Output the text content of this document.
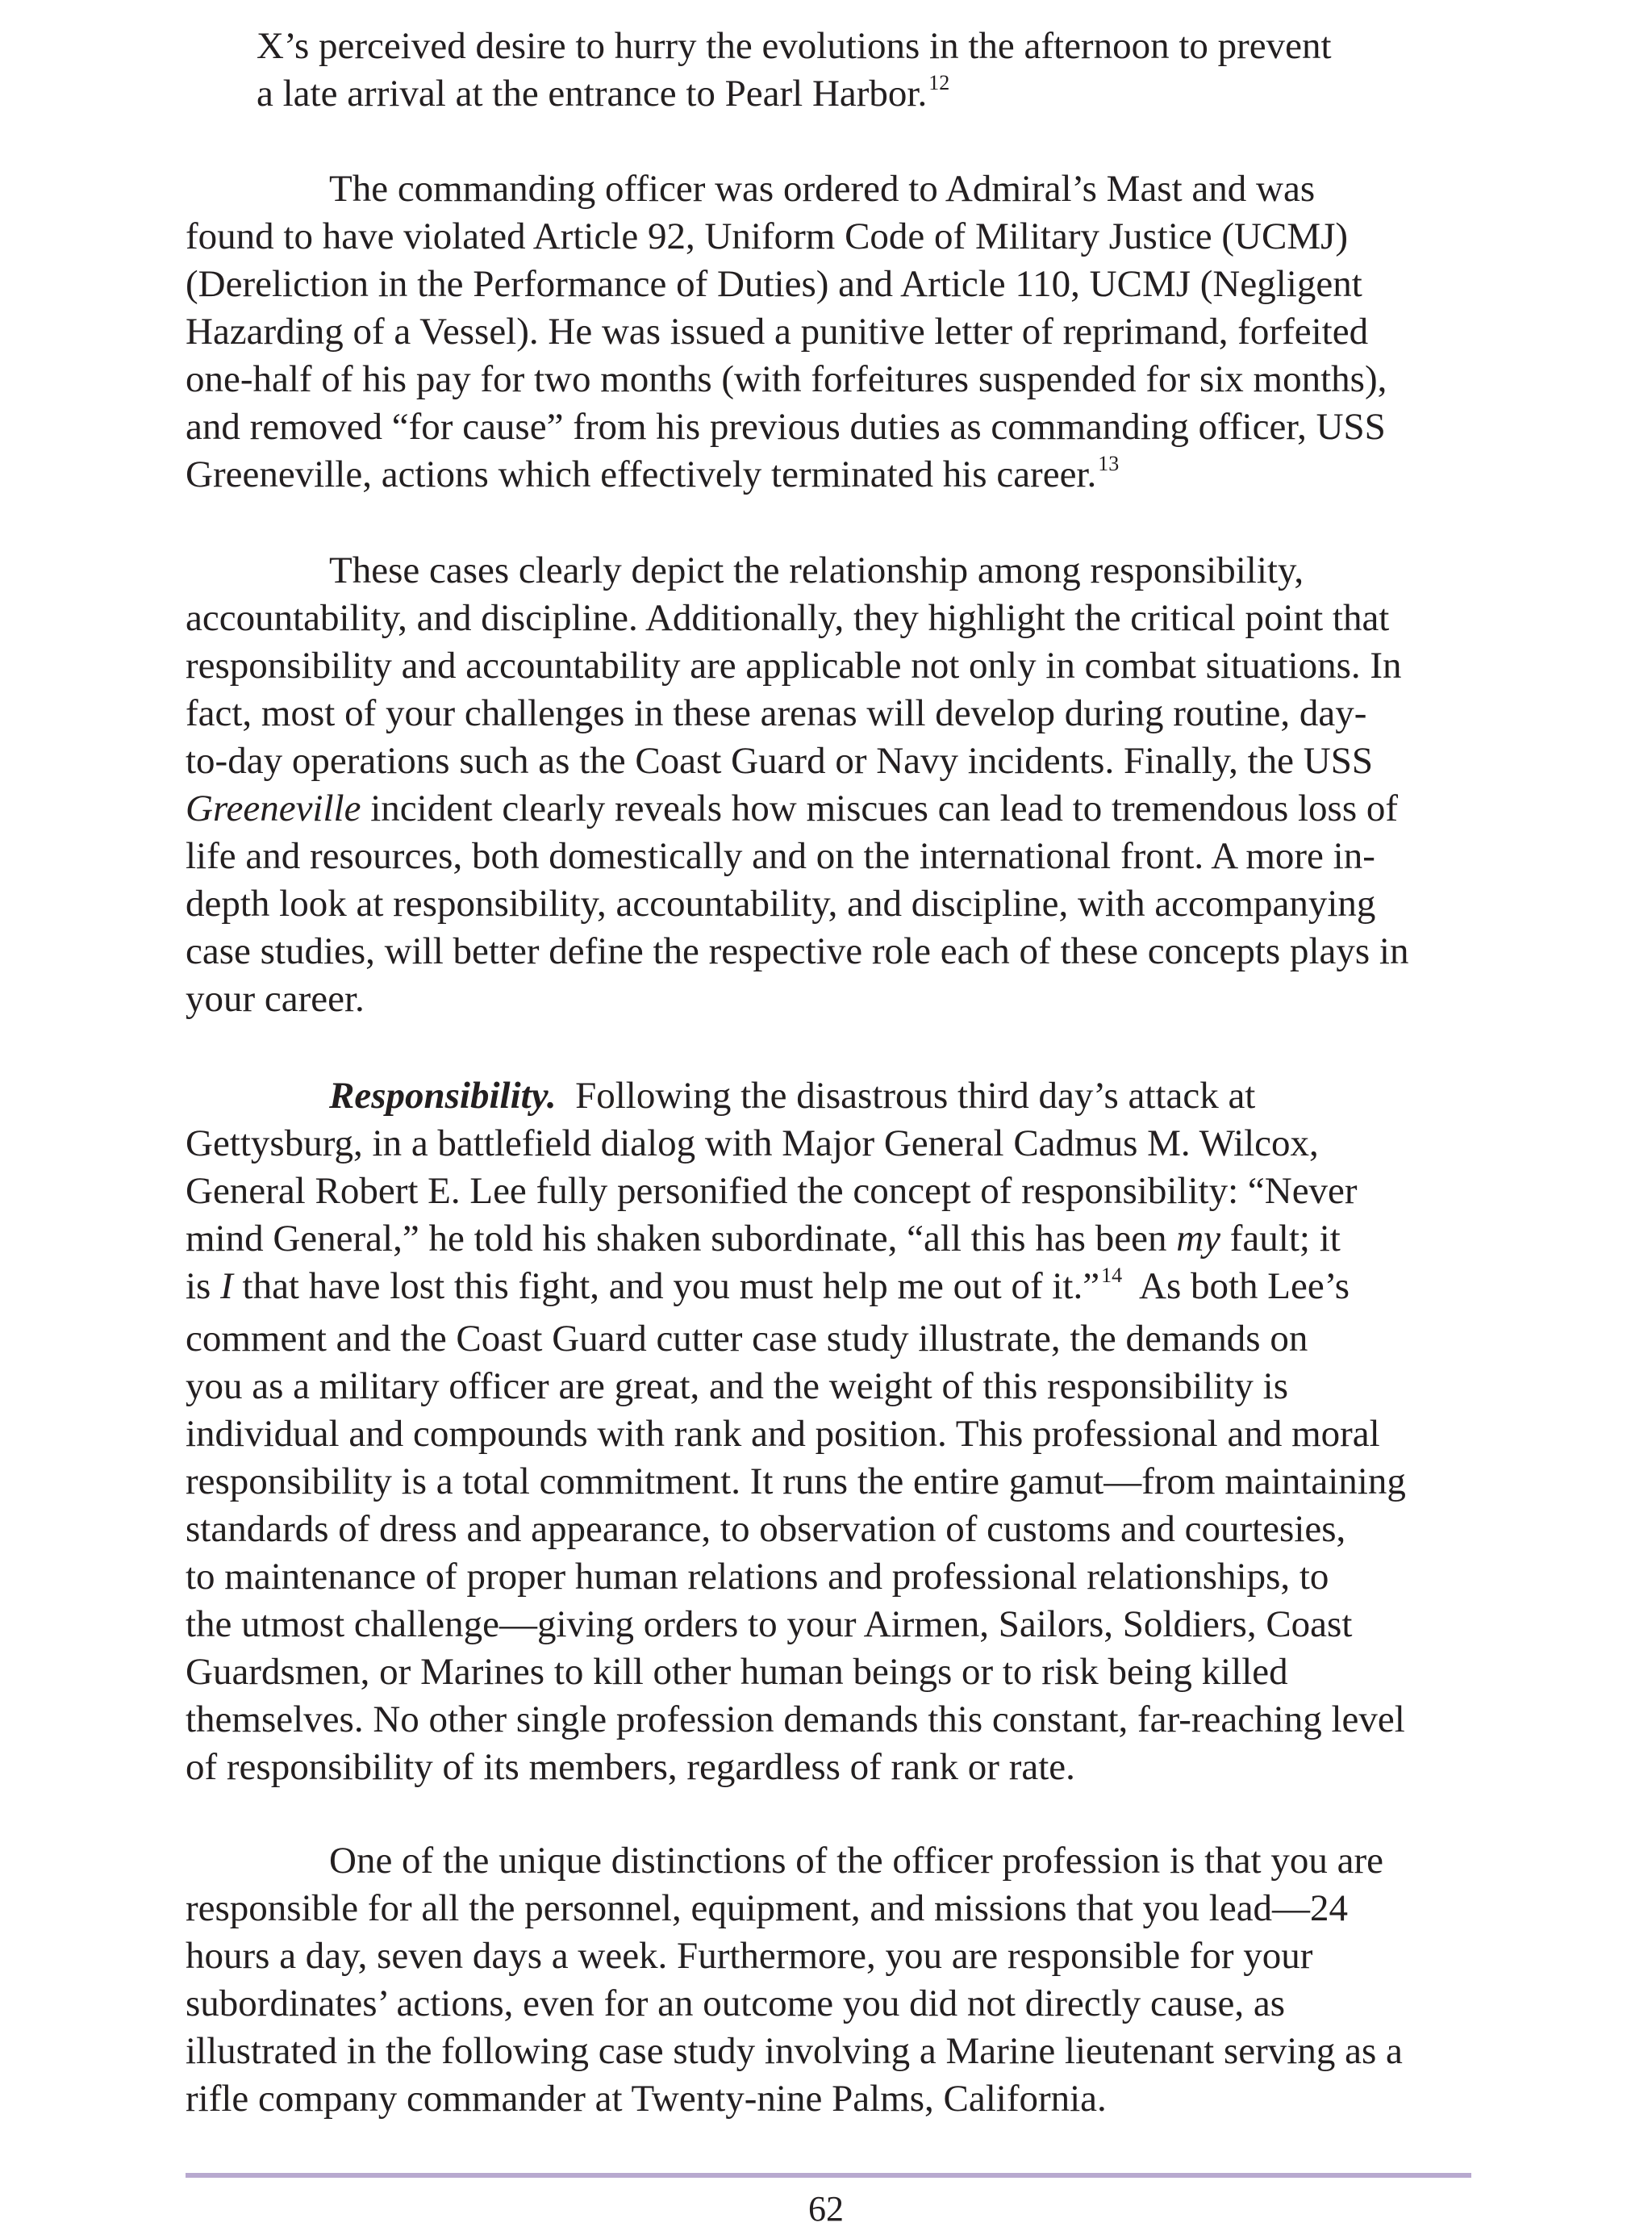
X’s perceived desire to hurry the evolutions in the afternoon to prevent
a late arrival at the entrance to Pearl Harbor.$^{12}$
The commanding officer was ordered to Admiral’s Mast and was
found to have violated Article 92, Uniform Code of Military Justice (UCMJ)
(Dereliction in the Performance of Duties) and Article 110, UCMJ (Negligent
Hazarding of a Vessel). He was issued a punitive letter of reprimand, forfeited
one-half of his pay for two months (with forfeitures suspended for six months),
and removed “for cause” from his previous duties as commanding officer, USS
Greeneville, actions which effectively terminated his career.$^{13}$
These cases clearly depict the relationship among responsibility,
accountability, and discipline. Additionally, they highlight the critical point that
responsibility and accountability are applicable not only in combat situations. In
fact, most of your challenges in these arenas will develop during routine, day-
to-day operations such as the Coast Guard or Navy incidents. Finally, the USS
Greeneville incident clearly reveals how miscues can lead to tremendous loss of
life and resources, both domestically and on the international front. A more in-
depth look at responsibility, accountability, and discipline, with accompanying
case studies, will better define the respective role each of these concepts plays in
your career.
Responsibility.  Following the disastrous third day’s attack at
Gettysburg, in a battlefield dialog with Major General Cadmus M. Wilcox,
General Robert E. Lee fully personified the concept of responsibility: “Never
mind General,” he told his shaken subordinate, “all this has been my fault; it
is I that have lost this fight, and you must help me out of it.”$^{14}$  As both Lee’s
comment and the Coast Guard cutter case study illustrate, the demands on
you as a military officer are great, and the weight of this responsibility is
individual and compounds with rank and position. This professional and moral
responsibility is a total commitment. It runs the entire gamut—from maintaining
standards of dress and appearance, to observation of customs and courtesies,
to maintenance of proper human relations and professional relationships, to
the utmost challenge—giving orders to your Airmen, Sailors, Soldiers, Coast
Guardsmen, or Marines to kill other human beings or to risk being killed
themselves. No other single profession demands this constant, far-reaching level
of responsibility of its members, regardless of rank or rate.
One of the unique distinctions of the officer profession is that you are
responsible for all the personnel, equipment, and missions that you lead—24
hours a day, seven days a week. Furthermore, you are responsible for your
subordinates’ actions, even for an outcome you did not directly cause, as
illustrated in the following case study involving a Marine lieutenant serving as a
rifle company commander at Twenty-nine Palms, California.
62
